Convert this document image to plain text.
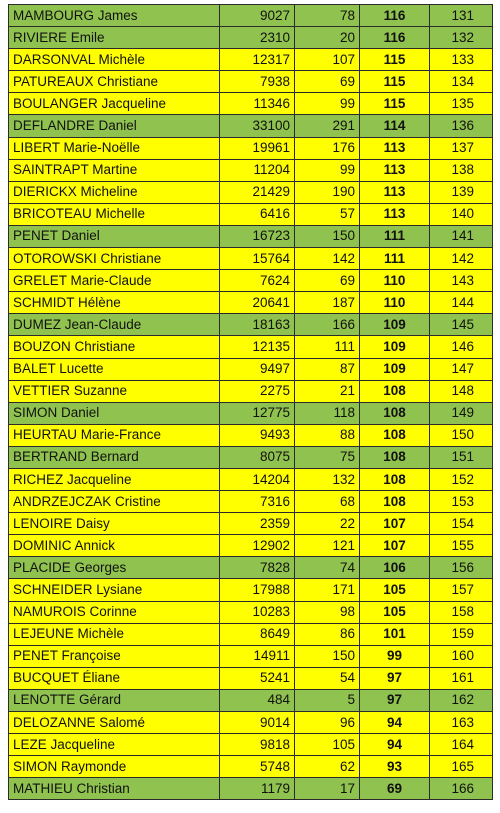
MAMBOURG James	9027	78	116	131
RIVIERE Emile	2310	20	116	132
DARSONVAL Michèle	12317	107	115	133
PATUREAUX Christiane	7938	69	115	134
BOULANGER Jacqueline	11346	99	115	135
DEFLANDRE Daniel	33100	291	114	136
LIBERT Marie-Noëlle	19961	176	113	137
SAINTRAPT Martine	11204	99	113	138
DIERICKX Micheline	21429	190	113	139
BRICOTEAU Michelle	6416	57	113	140
PENET Daniel	16723	150	111	141
OTOROWSKI Christiane	15764	142	111	142
GRELET Marie-Claude	7624	69	110	143
SCHMIDT Hélène	20641	187	110	144
DUMEZ Jean-Claude	18163	166	109	145
BOUZON Christiane	12135	111	109	146
BALET Lucette	9497	87	109	147
VETTIER Suzanne	2275	21	108	148
SIMON Daniel	12775	118	108	149
HEURTAU Marie-France	9493	88	108	150
BERTRAND Bernard	8075	75	108	151
RICHEZ Jacqueline	14204	132	108	152
ANDRZEJCZAK Cristine	7316	68	108	153
LENOIRE Daisy	2359	22	107	154
DOMINIC Annick	12902	121	107	155
PLACIDE Georges	7828	74	106	156
SCHNEIDER Lysiane	17988	171	105	157
NAMUROIS Corinne	10283	98	105	158
LEJEUNE Michèle	8649	86	101	159
PENET Françoise	14911	150	99	160
BUCQUET Éliane	5241	54	97	161
LENOTTE Gérard	484	5	97	162
DELOZANNE Salomé	9014	96	94	163
LEZE Jacqueline	9818	105	94	164
SIMON Raymonde	5748	62	93	165
MATHIEU Christian	1179	17	69	166
